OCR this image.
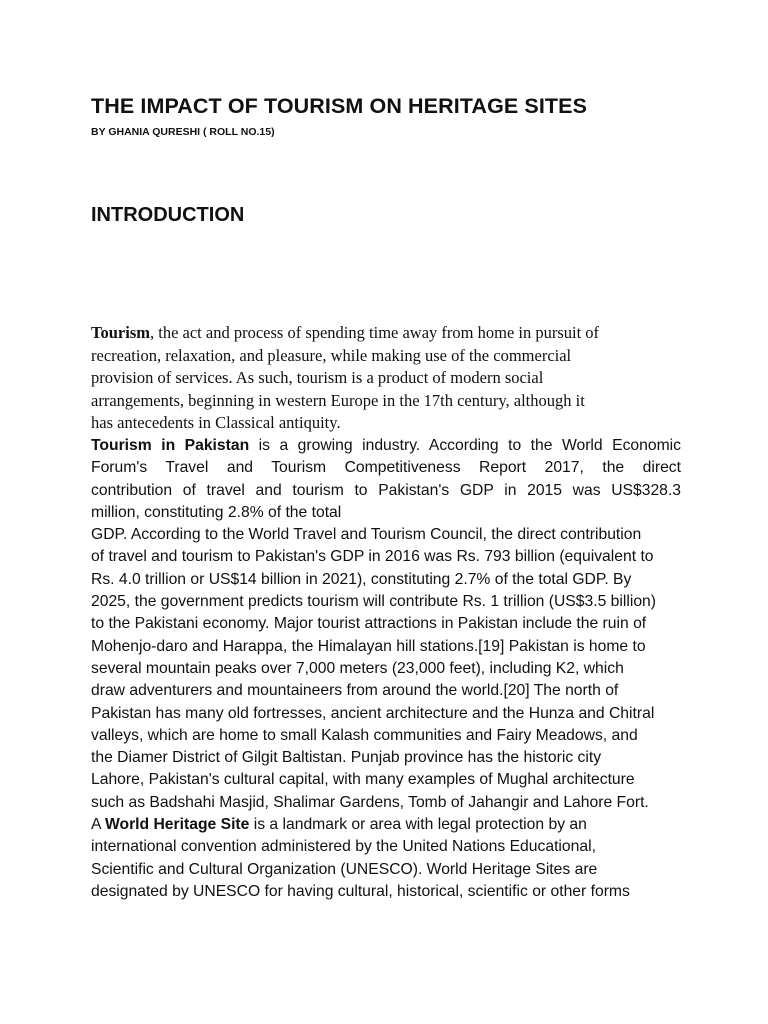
THE IMPACT OF TOURISM ON HERITAGE SITES

BY GHANIA QURESHI ( ROLL NO.15)

INTRODUCTION

Tourism, the act and process of spending time away from home in pursuit of
recreation, relaxation, and pleasure, while making use of the commercial
provision of services. As such, tourism is a product of modern social
arrangements, beginning in western Europe in the 17th century, although it
has antecedents in Classical antiquity.

Tourism in Pakistan is a growing industry. According to the World Economic
Forum's Travel and Tourism Competitiveness Report 2017, the direct
contribution of travel and tourism to Pakistan's GDP in 2015 was US$328.3
million, constituting 2.8% of the total
GDP. According to the World Travel and Tourism Council, the direct contribution
of travel and tourism to Pakistan's GDP in 2016 was Rs. 793 billion (equivalent to
Rs. 4.0 trillion or US$14 billion in 2021), constituting 2.7% of the total GDP. By
2025, the government predicts tourism will contribute Rs. 1 trillion (US$3.5 billion)
to the Pakistani economy. Major tourist attractions in Pakistan include the ruin of
Mohenjo-daro and Harappa, the Himalayan hill stations.[19] Pakistan is home to
several mountain peaks over 7,000 meters (23,000 feet), including K2, which
draw adventurers and mountaineers from around the world.[20] The north of
Pakistan has many old fortresses, ancient architecture and the Hunza and Chitral
valleys, which are home to small Kalash communities and Fairy Meadows, and
the Diamer District of Gilgit Baltistan. Punjab province has the historic city
Lahore, Pakistan's cultural capital, with many examples of Mughal architecture
such as Badshahi Masjid, Shalimar Gardens, Tomb of Jahangir and Lahore Fort.
A World Heritage Site is a landmark or area with legal protection by an
international convention administered by the United Nations Educational,
Scientific and Cultural Organization (UNESCO). World Heritage Sites are
designated by UNESCO for having cultural, historical, scientific or other forms
